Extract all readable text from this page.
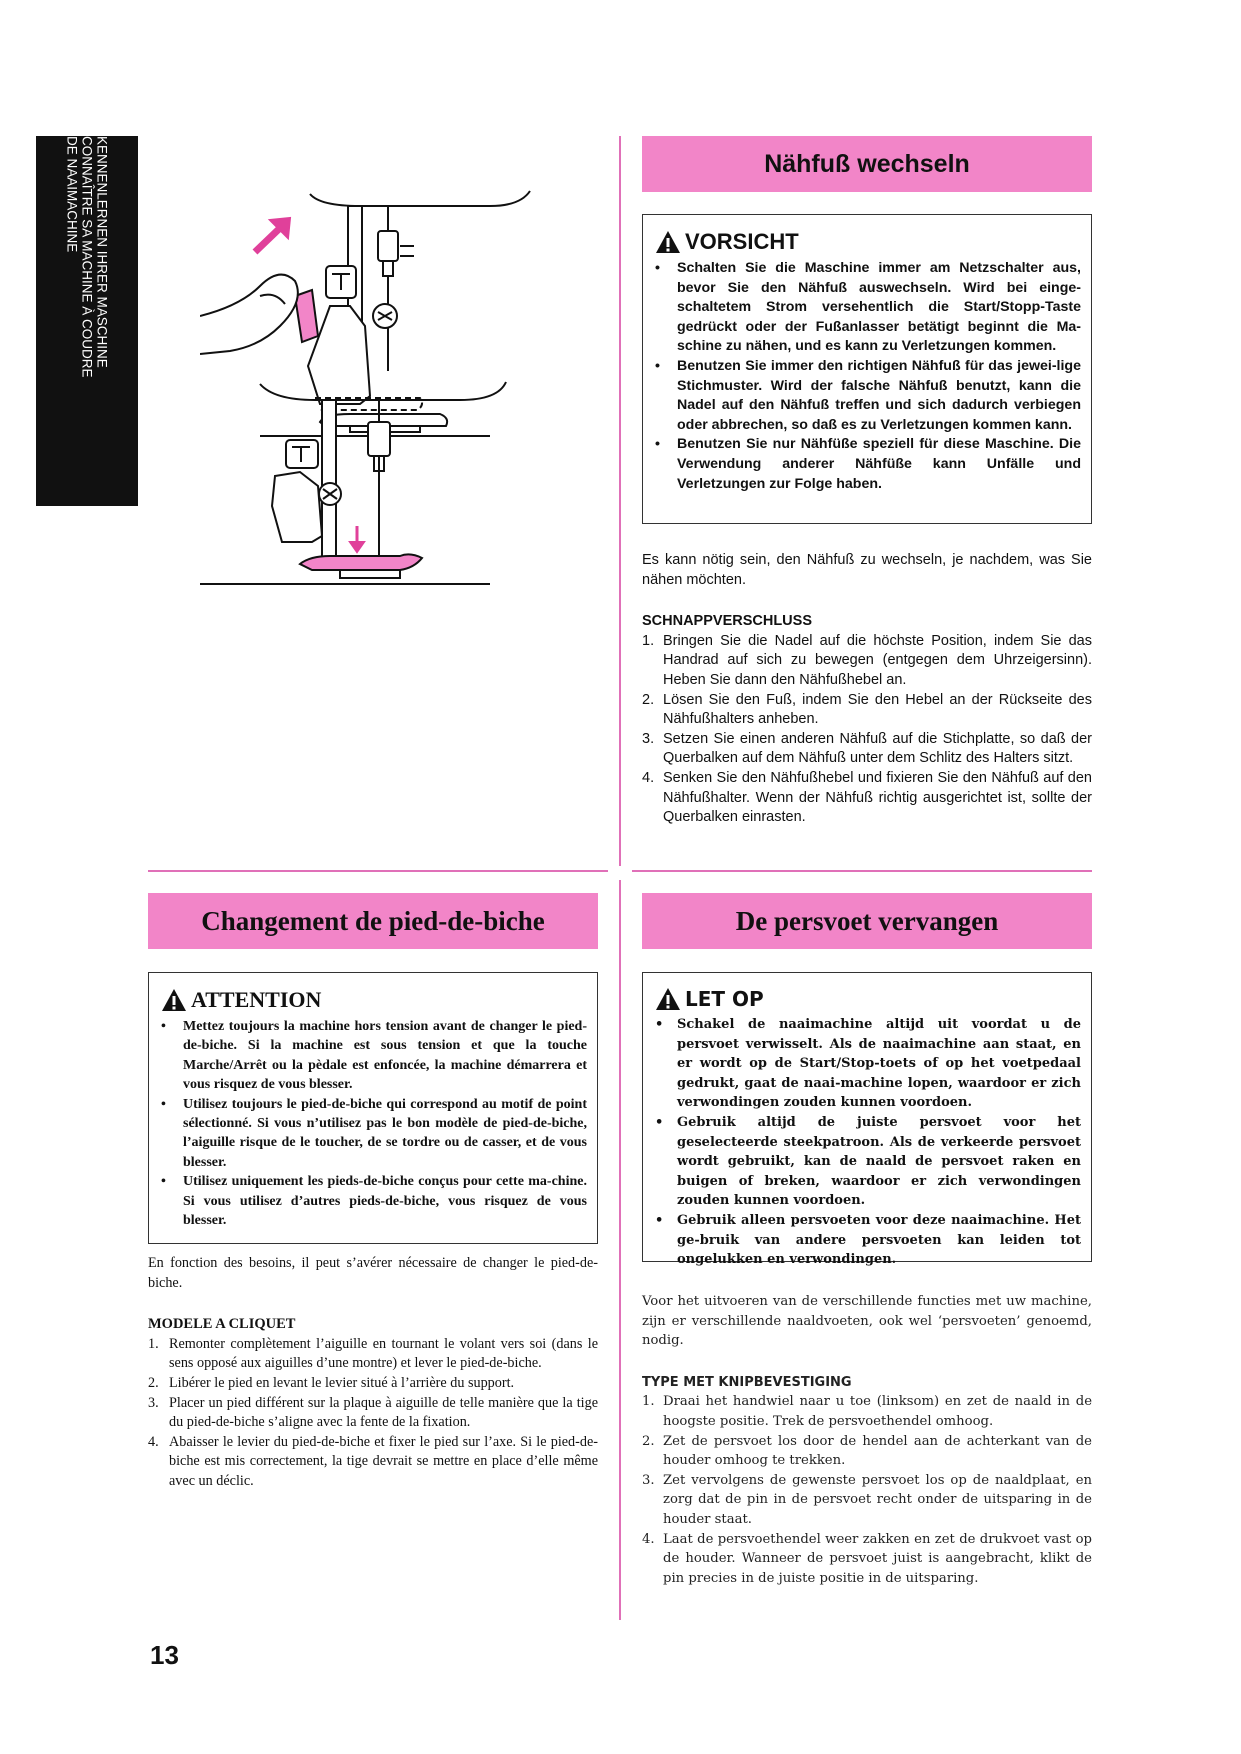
KENNENLERNEN IHRER MASCHINE
CONNAÎTRE SA MACHINE À COUDRE
DE NAAIMACHINE	Nähfuß wechseln
VORSICHT
• Schalten Sie die Maschine immer am Netzschalter aus, bevor Sie den Nähfuß auswechseln. Wird bei einge-schaltetem Strom versehentlich die Start/Stopp-Taste gedrückt oder der Fußanlasser betätigt beginnt die Ma-schine zu nähen, und es kann zu Verletzungen kommen.
• Benutzen Sie immer den richtigen Nähfuß für das jewei-lige Stichmuster. Wird der falsche Nähfuß benutzt, kann die Nadel auf den Nähfuß treffen und sich dadurch verbiegen oder abbrechen, so daß es zu Verletzungen kommen kann.
• Benutzen Sie nur Nähfüße speziell für diese Maschine. Die Verwendung anderer Nähfüße kann Unfälle und Verletzungen zur Folge haben.

Es kann nötig sein, den Nähfuß zu wechseln, je nachdem, was Sie nähen möchten.

SCHNAPPVERSCHLUSS

1. Bringen Sie die Nadel auf die höchste Position, indem Sie das Handrad auf sich zu bewegen (entgegen dem Uhrzeigersinn). Heben Sie dann den Nähfußhebel an.
2. Lösen Sie den Fuß, indem Sie den Hebel an der Rückseite des Nähfußhalters anheben.
3. Setzen Sie einen anderen Nähfuß auf die Stichplatte, so daß der Querbalken auf dem Nähfuß unter dem Schlitz des Halters sitzt.
4. Senken Sie den Nähfußhebel und fixieren Sie den Nähfuß auf den Nähfußhalter. Wenn der Nähfuß richtig ausgerichtet ist, sollte der Querbalken einrasten.
Changement de pied-de-biche
ATTENTION
• Mettez toujours la machine hors tension avant de changer le pied-de-biche. Si la machine est sous tension et que la touche Marche/Arrêt ou la pèdale est enfoncée, la machine démarrera et vous risquez de vous blesser.
• Utilisez toujours le pied-de-biche qui correspond au motif de point sélectionné. Si vous n’utilisez pas le bon modèle de pied-de-biche, l’aiguille risque de le toucher, de se tordre ou de casser, et de vous blesser.
• Utilisez uniquement les pieds-de-biche conçus pour cette ma-chine. Si vous utilisez d’autres pieds-de-biche, vous risquez de vous blesser.

En fonction des besoins, il peut s’avérer nécessaire de changer le pied-de-biche.

MODELE A CLIQUET

1. Remonter complètement l’aiguille en tournant le volant vers soi (dans le sens opposé aux aiguilles d’une montre) et lever le pied-de-biche.
2. Libérer le pied en levant le levier situé à l’arrière du support.
3. Placer un pied différent sur la plaque à aiguille de telle manière que la tige du pied-de-biche s’aligne avec la fente de la fixation.
4. Abaisser le levier du pied-de-biche et fixer le pied sur l’axe. Si le pied-de-biche est mis correctement, la tige devrait se mettre en place d’elle même avec un déclic.
De persvoet vervangen
LET OP
• Schakel de naaimachine altijd uit voordat u de persvoet verwisselt. Als de naaimachine aan staat, en er wordt op de Start/Stop-toets of op het voetpedaal gedrukt, gaat de naai-machine lopen, waardoor er zich verwondingen zouden kunnen voordoen.
• Gebruik altijd de juiste persvoet voor het geselecteerde steekpatroon. Als de verkeerde persvoet wordt gebruikt, kan de naald de persvoet raken en buigen of breken, waardoor er zich verwondingen zouden kunnen voordoen.
• Gebruik alleen persvoeten voor deze naaimachine. Het ge-bruik van andere persvoeten kan leiden tot ongelukken en verwondingen.

Voor het uitvoeren van de verschillende functies met uw machine, zijn er verschillende naaldvoeten, ook wel ‘persvoeten’ genoemd, nodig.

TYPE MET KNIPBEVESTIGING

1. Draai het handwiel naar u toe (linksom) en zet de naald in de hoogste positie. Trek de persvoethendel omhoog.
2. Zet de persvoet los door de hendel aan de achterkant van de houder omhoog te trekken.
3. Zet vervolgens de gewenste persvoet los op de naaldplaat, en zorg dat de pin in de persvoet recht onder de uitsparing in de houder staat.
4. Laat de persvoethendel weer zakken en zet de drukvoet vast op de houder. Wanneer de persvoet juist is aangebracht, klikt de pin precies in de juiste positie in de uitsparing.
13
